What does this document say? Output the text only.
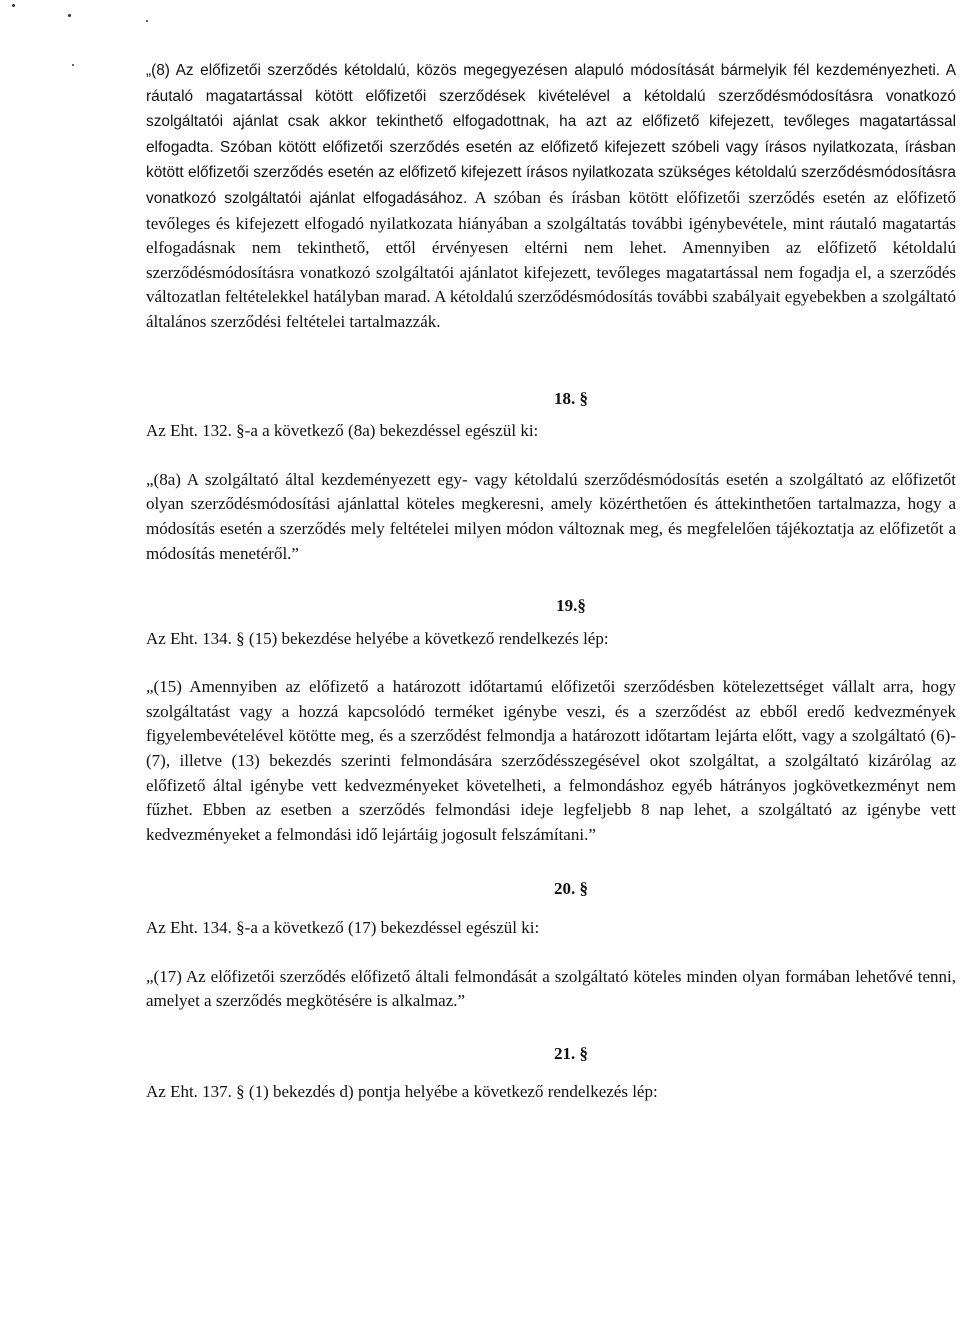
„(8) Az előfizetői szerződés kétoldalú, közös megegyezésen alapuló módosítását bármelyik fél kezdeményezheti. A ráutaló magatartással kötött előfizetői szerződések kivételével a kétoldalú szerződésmódosításra vonatkozó szolgáltatói ajánlat csak akkor tekinthető elfogadottnak, ha azt az előfizető kifejezett, tevőleges magatartással elfogadta. Szóban kötött előfizetői szerződés esetén az előfizető kifejezett szóbeli vagy írásos nyilatkozata, írásban kötött előfizetői szerződés esetén az előfizető kifejezett írásos nyilatkozata szükséges kétoldalú szerződésmódosításra vonatkozó szolgáltatói ajánlat elfogadásához. A szóban és írásban kötött előfizetői szerződés esetén az előfizető tevőleges és kifejezett elfogadó nyilatkozata hiányában a szolgáltatás további igénybevétele, mint ráutaló magatartás elfogadásnak nem tekinthető, ettől érvényesen eltérni nem lehet. Amennyiben az előfizető kétoldalú szerződésmódosításra vonatkozó szolgáltatói ajánlatot kifejezett, tevőleges magatartással nem fogadja el, a szerződés változatlan feltételekkel hatályban marad. A kétoldalú szerződésmódosítás további szabályait egyebekben a szolgáltató általános szerződési feltételei tartalmazzák.

18. §

Az Eht. 132. §-a a következő (8a) bekezdéssel egészül ki:

„(8a) A szolgáltató által kezdeményezett egy- vagy kétoldalú szerződésmódosítás esetén a szolgáltató az előfizetőt olyan szerződésmódosítási ajánlattal köteles megkeresni, amely közérthetően és áttekinthetően tartalmazza, hogy a módosítás esetén a szerződés mely feltételei milyen módon változnak meg, és megfelelően tájékoztatja az előfizetőt a módosítás menetéről.”

19.§

Az Eht. 134. § (15) bekezdése helyébe a következő rendelkezés lép:

„(15) Amennyiben az előfizető a határozott időtartamú előfizetői szerződésben kötelezettséget vállalt arra, hogy szolgáltatást vagy a hozzá kapcsolódó terméket igénybe veszi, és a szerződést az ebből eredő kedvezmények figyelembevételével kötötte meg, és a szerződést felmondja a határozott időtartam lejárta előtt, vagy a szolgáltató (6)-(7), illetve (13) bekezdés szerinti felmondására szerződésszegésével okot szolgáltat, a szolgáltató kizárólag az előfizető által igénybe vett kedvezményeket követelheti, a felmondáshoz egyéb hátrányos jogkövetkezményt nem fűzhet. Ebben az esetben a szerződés felmondási ideje legfeljebb 8 nap lehet, a szolgáltató az igénybe vett kedvezményeket a felmondási idő lejártáig jogosult felszámítani.”

20. §

Az Eht. 134. §-a a következő (17) bekezdéssel egészül ki:

„(17) Az előfizetői szerződés előfizető általi felmondását a szolgáltató köteles minden olyan formában lehetővé tenni, amelyet a szerződés megkötésére is alkalmaz.”

21. §

Az Eht. 137. § (1) bekezdés d) pontja helyébe a következő rendelkezés lép:
